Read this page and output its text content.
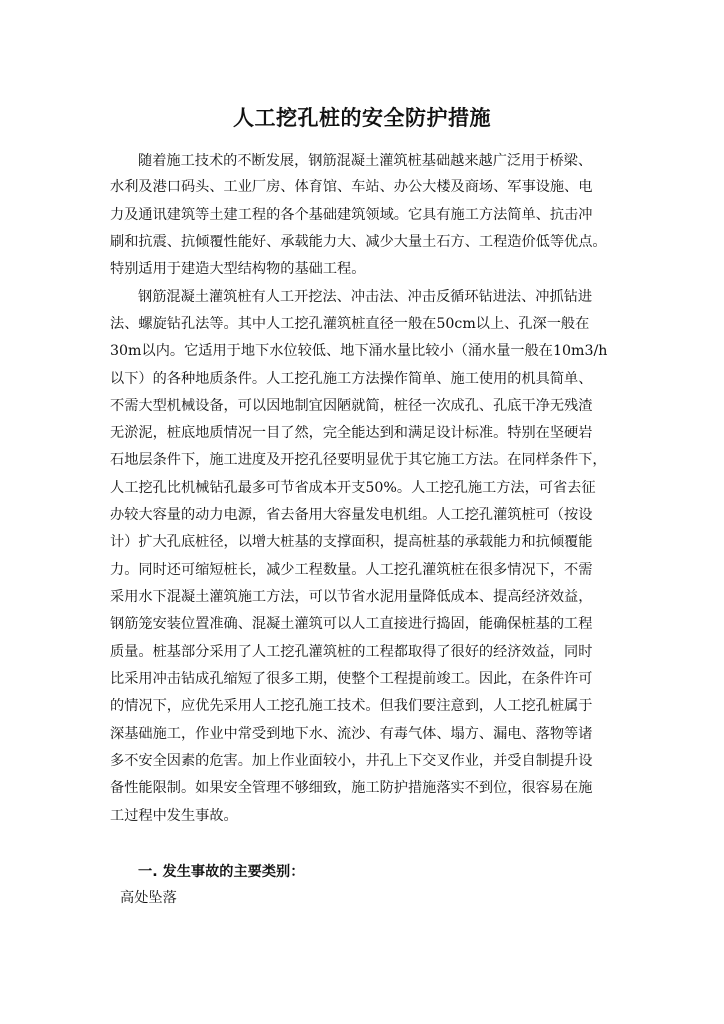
人工挖孔桩的安全防护措施
随着施工技术的不断发展，钢筋混凝土灌筑桩基础越来越广泛用于桥梁、
水利及港口码头、工业厂房、体育馆、车站、办公大楼及商场、军事设施、电
力及通讯建筑等土建工程的各个基础建筑领域。它具有施工方法简单、抗击冲
刷和抗震、抗倾覆性能好、承载能力大、减少大量土石方、工程造价低等优点。
特别适用于建造大型结构物的基础工程。
钢筋混凝土灌筑桩有人工开挖法、冲击法、冲击反循环钻进法、冲抓钻进
法、螺旋钻孔法等。其中人工挖孔灌筑桩直径一般在50cm以上、孔深一般在
30m以内。它适用于地下水位较低、地下涌水量比较小（涌水量一般在10m3/h
以下）的各种地质条件。人工挖孔施工方法操作简单、施工使用的机具简单、
不需大型机械设备，可以因地制宜因陋就简，桩径一次成孔、孔底干净无残渣
无淤泥，桩底地质情况一目了然，完全能达到和满足设计标准。特别在坚硬岩
石地层条件下，施工进度及开挖孔径要明显优于其它施工方法。在同样条件下，
人工挖孔比机械钻孔最多可节省成本开支50%。人工挖孔施工方法，可省去征
办较大容量的动力电源，省去备用大容量发电机组。人工挖孔灌筑桩可（按设
计）扩大孔底桩径，以增大桩基的支撑面积，提高桩基的承载能力和抗倾覆能
力。同时还可缩短桩长，减少工程数量。人工挖孔灌筑桩在很多情况下，不需
采用水下混凝土灌筑施工方法，可以节省水泥用量降低成本、提高经济效益，
钢筋笼安装位置准确、混凝土灌筑可以人工直接进行捣固，能确保桩基的工程
质量。桩基部分采用了人工挖孔灌筑桩的工程都取得了很好的经济效益，同时
比采用冲击钻成孔缩短了很多工期，使整个工程提前竣工。因此，在条件许可
的情况下，应优先采用人工挖孔施工技术。但我们要注意到，人工挖孔桩属于
深基础施工，作业中常受到地下水、流沙、有毒气体、塌方、漏电、落物等诸
多不安全因素的危害。加上作业面较小，井孔上下交叉作业，并受自制提升设
备性能限制。如果安全管理不够细致，施工防护措施落实不到位，很容易在施
工过程中发生事故。
一. 发生事故的主要类别：
高处坠落
